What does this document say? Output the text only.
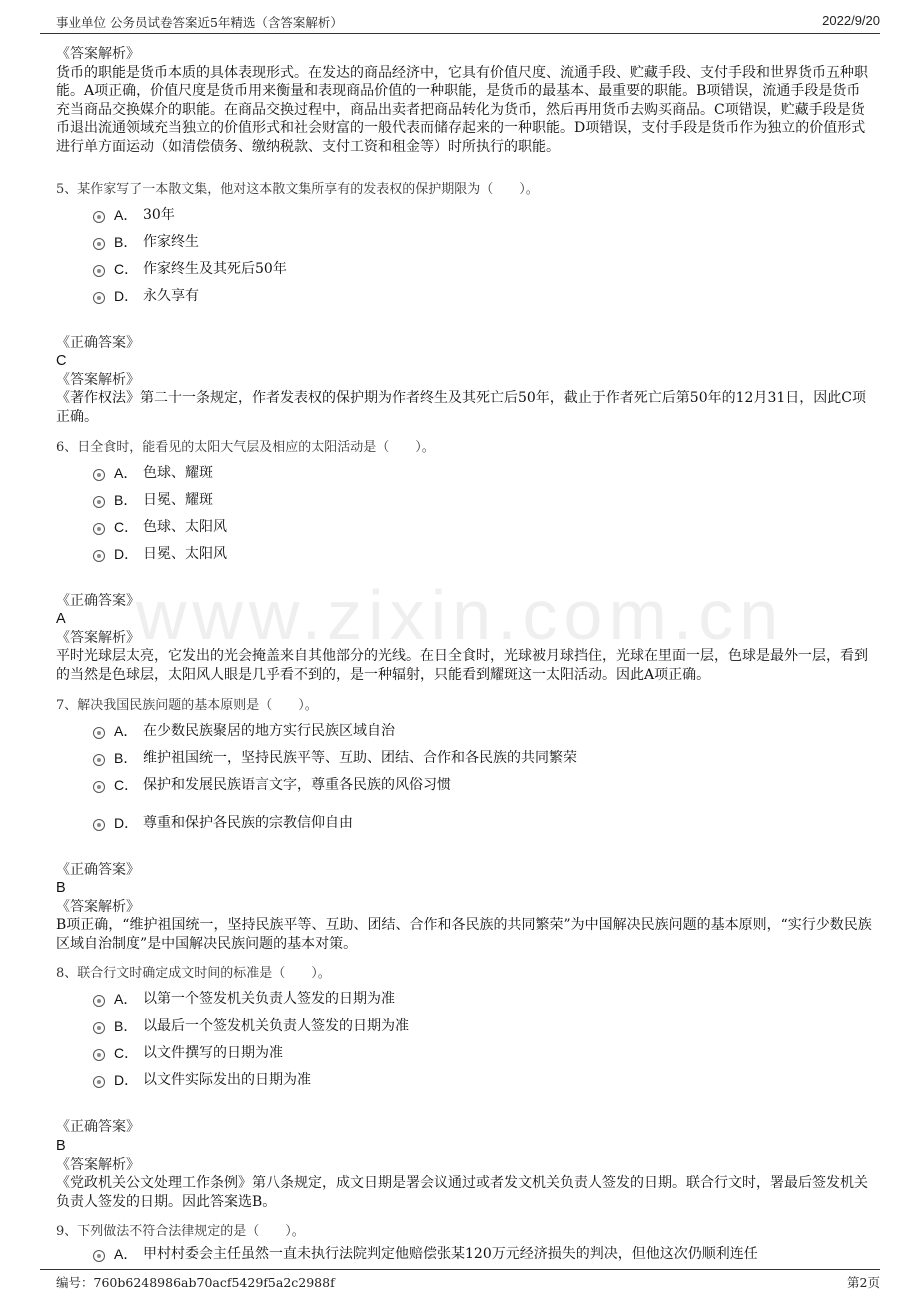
www.zixin.com.cn
事业单位 公务员试卷答案近5年精选（含答案解析）	2022/9/20
《答案解析》
货币的职能是货币本质的具体表现形式。在发达的商品经济中，它具有价值尺度、流通手段、贮藏手段、支付手段和世界货币五种职能。A项正确，价值尺度是货币用来衡量和表现商品价值的一种职能，是货币的最基本、最重要的职能。B项错误，流通手段是货币充当商品交换媒介的职能。在商品交换过程中，商品出卖者把商品转化为货币，然后再用货币去购买商品。C项错误，贮藏手段是货币退出流通领域充当独立的价值形式和社会财富的一般代表而储存起来的一种职能。D项错误，支付手段是货币作为独立的价值形式进行单方面运动（如清偿债务、缴纳税款、支付工资和租金等）时所执行的职能。
5、某作家写了一本散文集，他对这本散文集所享有的发表权的保护期限为（　　）。
A． 30年
B． 作家终生
C． 作家终生及其死后50年
D． 永久享有
《正确答案》
C
《答案解析》
《著作权法》第二十一条规定，作者发表权的保护期为作者终生及其死亡后50年，截止于作者死亡后第50年的12月31日，因此C项正确。
6、日全食时，能看见的太阳大气层及相应的太阳活动是（　　）。
A． 色球、耀斑
B． 日冕、耀斑
C． 色球、太阳风
D． 日冕、太阳风
《正确答案》
A
《答案解析》
平时光球层太亮，它发出的光会掩盖来自其他部分的光线。在日全食时，光球被月球挡住，光球在里面一层，色球是最外一层，看到的当然是色球层，太阳风人眼是几乎看不到的，是一种辐射，只能看到耀斑这一太阳活动。因此A项正确。
7、解决我国民族问题的基本原则是（　　）。
A． 在少数民族聚居的地方实行民族区域自治
B． 维护祖国统一，坚持民族平等、互助、团结、合作和各民族的共同繁荣
C． 保护和发展民族语言文字，尊重各民族的风俗习惯
D． 尊重和保护各民族的宗教信仰自由
《正确答案》
B
《答案解析》
B项正确，“维护祖国统一，坚持民族平等、互助、团结、合作和各民族的共同繁荣”为中国解决民族问题的基本原则，“实行少数民族区域自治制度”是中国解决民族问题的基本对策。
8、联合行文时确定成文时间的标准是（　　）。
A． 以第一个签发机关负责人签发的日期为准
B． 以最后一个签发机关负责人签发的日期为准
C． 以文件撰写的日期为准
D． 以文件实际发出的日期为准
《正确答案》
B
《答案解析》
《党政机关公文处理工作条例》第八条规定，成文日期是署会议通过或者发文机关负责人签发的日期。联合行文时，署最后签发机关负责人签发的日期。因此答案选B。
9、下列做法不符合法律规定的是（　　）。
A． 甲村村委会主任虽然一直未执行法院判定他赔偿张某120万元经济损失的判决，但他这次仍顺利连任
编号：760b6248986ab70acf5429f5a2c2988f	第2页
